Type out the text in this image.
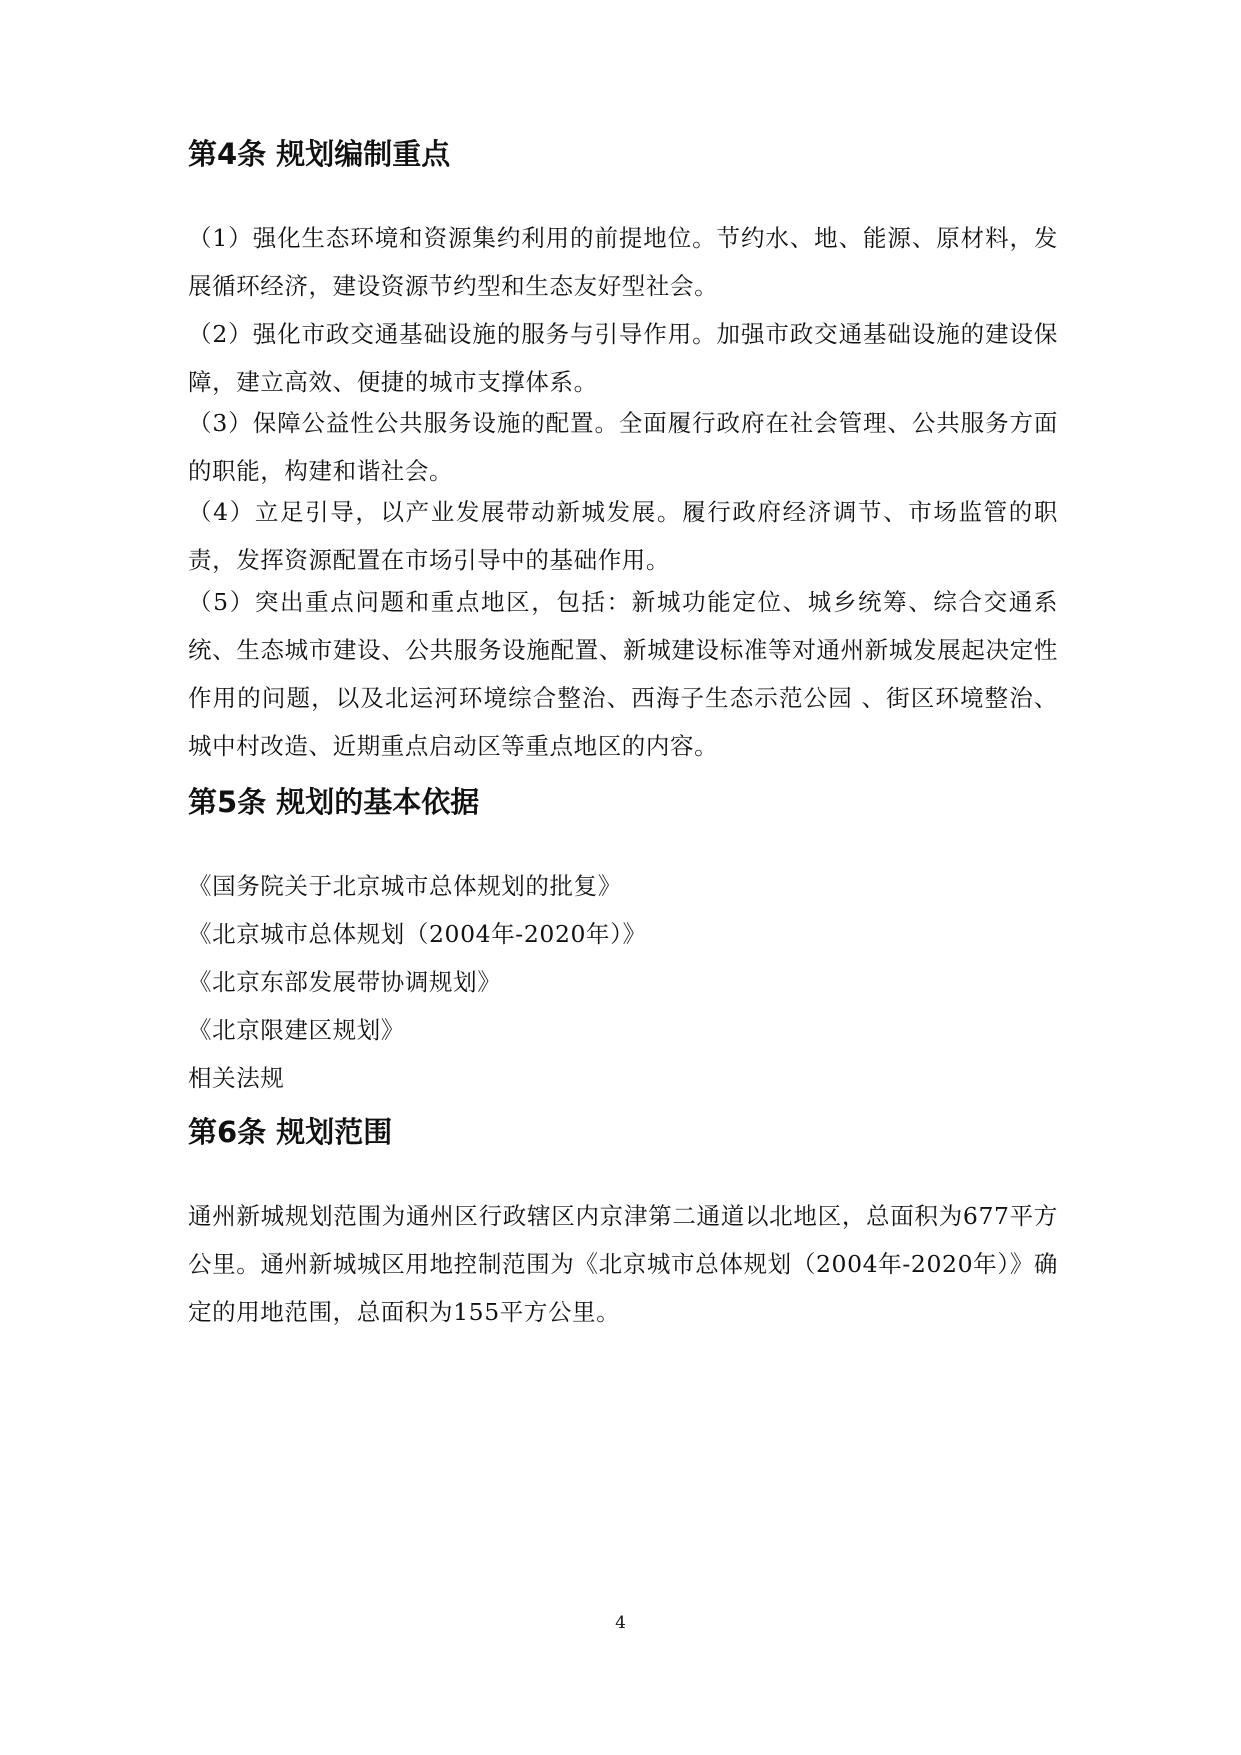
第4条 规划编制重点

（1）强化生态环境和资源集约利用的前提地位。节约水、地、能源、原材料，发展循环经济，建设资源节约型和生态友好型社会。

（2）强化市政交通基础设施的服务与引导作用。加强市政交通基础设施的建设保障，建立高效、便捷的城市支撑体系。

（3）保障公益性公共服务设施的配置。全面履行政府在社会管理、公共服务方面的职能，构建和谐社会。

（4）立足引导，以产业发展带动新城发展。履行政府经济调节、市场监管的职责，发挥资源配置在市场引导中的基础作用。

（5）突出重点问题和重点地区，包括：新城功能定位、城乡统筹、综合交通系统、生态城市建设、公共服务设施配置、新城建设标准等对通州新城发展起决定性作用的问题，以及北运河环境综合整治、西海子生态示范公园 、街区环境整治、城中村改造、近期重点启动区等重点地区的内容。

第5条 规划的基本依据
《国务院关于北京城市总体规划的批复》
《北京城市总体规划（2004年-2020年）》
《北京东部发展带协调规划》
《北京限建区规划》
相关法规
第6条 规划范围

通州新城规划范围为通州区行政辖区内京津第二通道以北地区，总面积为677平方公里。通州新城城区用地控制范围为《北京城市总体规划（2004年-2020年）》确定的用地范围，总面积为155平方公里。

4
